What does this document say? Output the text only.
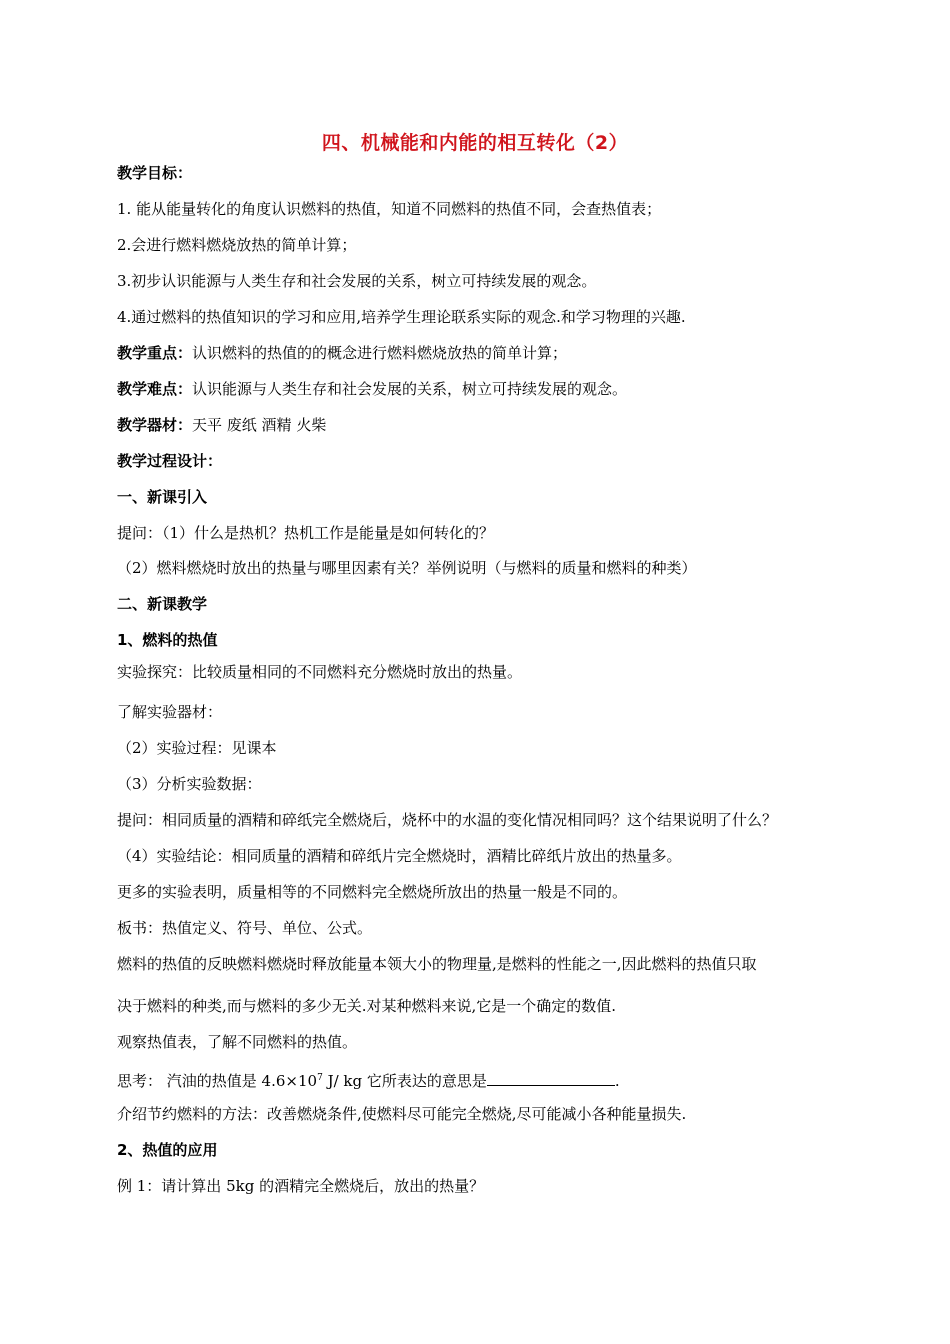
四、机械能和内能的相互转化（2）
教学目标：
1. 能从能量转化的角度认识燃料的热值，知道不同燃料的热值不同，会查热值表；
2.会进行燃料燃烧放热的简单计算；
3.初步认识能源与人类生存和社会发展的关系，树立可持续发展的观念。
4.通过燃料的热值知识的学习和应用,培养学生理论联系实际的观念.和学习物理的兴趣.
教学重点：认识燃料的热值的的概念进行燃料燃烧放热的简单计算；
教学难点：认识能源与人类生存和社会发展的关系，树立可持续发展的观念。
教学器材：天平 废纸 酒精 火柴
教学过程设计：
一、新课引入
提问：（1）什么是热机？热机工作是能量是如何转化的？
（2）燃料燃烧时放出的热量与哪里因素有关？举例说明（与燃料的质量和燃料的种类）
二、新课教学
1、燃料的热值
实验探究：比较质量相同的不同燃料充分燃烧时放出的热量。
了解实验器材：
（2）实验过程：见课本
（3）分析实验数据：
提问：相同质量的酒精和碎纸完全燃烧后，烧杯中的水温的变化情况相同吗？这个结果说明了什么？
（4）实验结论：相同质量的酒精和碎纸片完全燃烧时，酒精比碎纸片放出的热量多。
更多的实验表明，质量相等的不同燃料完全燃烧所放出的热量一般是不同的。
板书：热值定义、符号、单位、公式。
燃料的热值的反映燃料燃烧时释放能量本领大小的物理量,是燃料的性能之一,因此燃料的热值只取
决于燃料的种类,而与燃料的多少无关.对某种燃料来说,它是一个确定的数值.
观察热值表，了解不同燃料的热值。
思考： 汽油的热值是 $4.6\times 10^7$ J/ kg 它所表达的意思是	.
介绍节约燃料的方法：改善燃烧条件,使燃料尽可能完全燃烧,尽可能减小各种能量损失.
2、热值的应用
例 1：请计算出 5kg 的酒精完全燃烧后，放出的热量？
